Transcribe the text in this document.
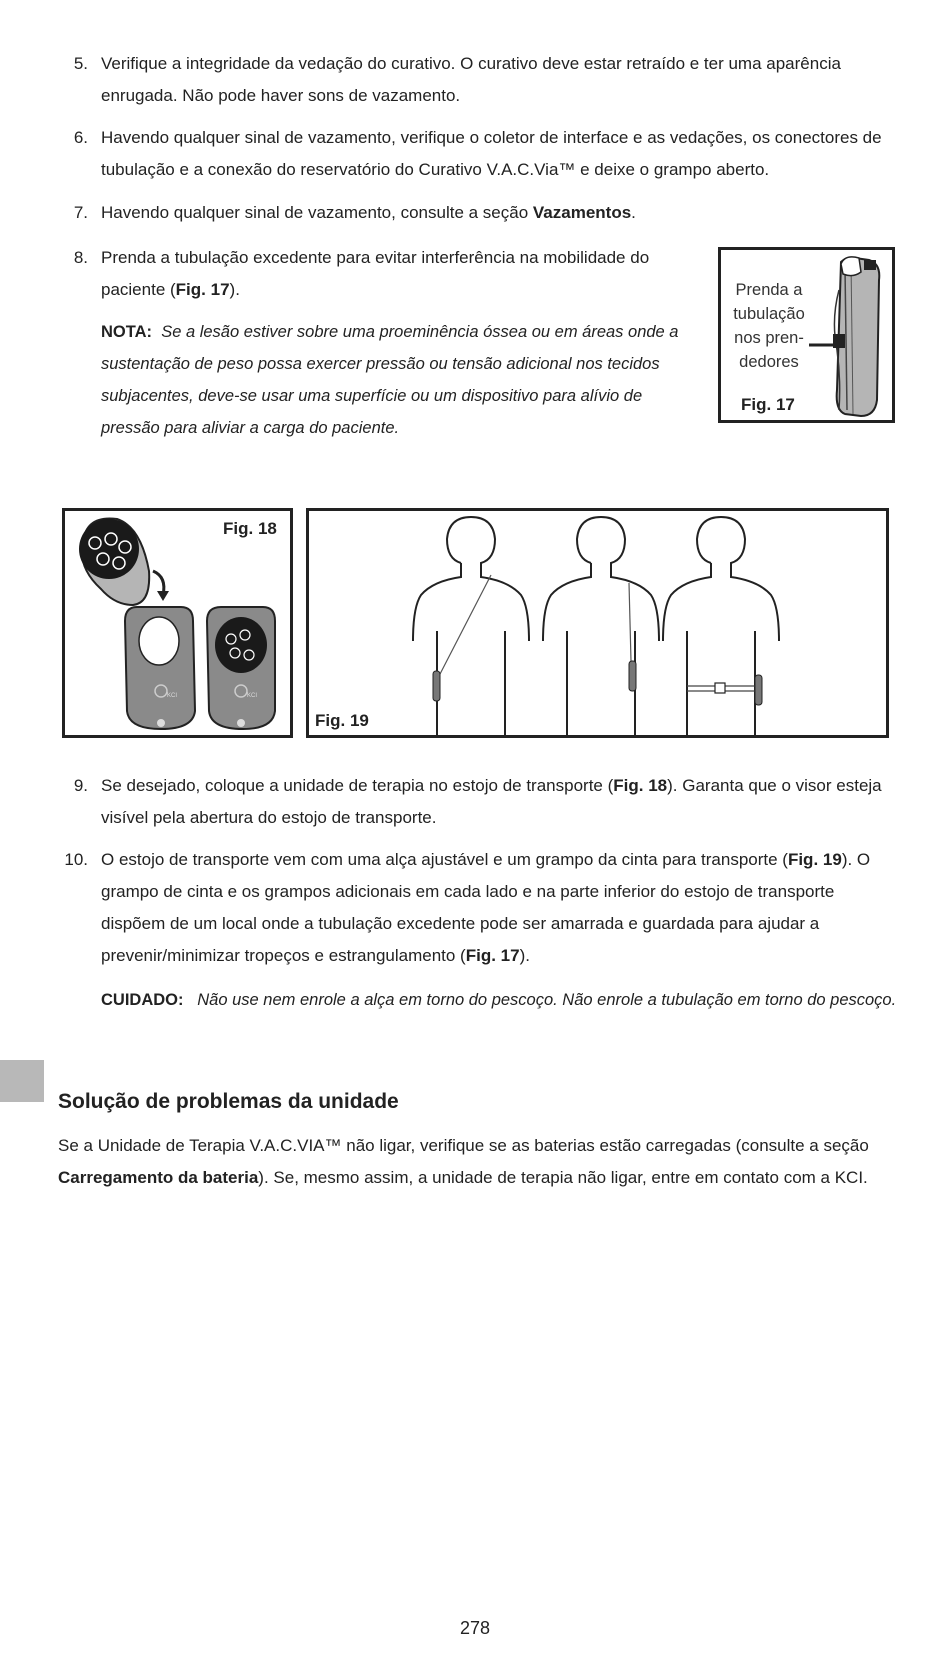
5. Verifique a integridade da vedação do curativo. O curativo deve estar retraído e ter uma aparência enrugada. Não pode haver sons de vazamento.
6. Havendo qualquer sinal de vazamento, verifique o coletor de interface e as vedações, os conectores de tubulação e a conexão do reservatório do Curativo V.A.C.Via™ e deixe o grampo aberto.
7. Havendo qualquer sinal de vazamento, consulte a seção Vazamentos.
8. Prenda a tubulação excedente para evitar interferência na mobilidade do paciente (Fig. 17).
NOTA: Se a lesão estiver sobre uma proeminência óssea ou em áreas onde a sustentação de peso possa exercer pressão ou tensão adicional nos tecidos subjacentes, deve-se usar uma superfície ou um dispositivo para alívio de pressão para aliviar a carga do paciente.
Prenda a
tubulação
nos pren-
dedores
Fig. 17
Fig. 18
KCI	KCI
Fig. 19
9. Se desejado, coloque a unidade de terapia no estojo de transporte (Fig. 18). Garanta que o visor esteja visível pela abertura do estojo de transporte.
10. O estojo de transporte vem com uma alça ajustável e um grampo da cinta para transporte (Fig. 19). O grampo de cinta e os grampos adicionais em cada lado e na parte inferior do estojo de transporte dispõem de um local onde a tubulação excedente pode ser amarrada e guardada para ajudar a prevenir/minimizar tropeços e estrangulamento (Fig. 17).
CUIDADO: Não use nem enrole a alça em torno do pescoço. Não enrole a tubulação em torno do pescoço.
Solução de problemas da unidade
Se a Unidade de Terapia V.A.C.VIA™ não ligar, verifique se as baterias estão carregadas (consulte a seção Carregamento da bateria). Se, mesmo assim, a unidade de terapia não ligar, entre em contato com a KCI.
278
